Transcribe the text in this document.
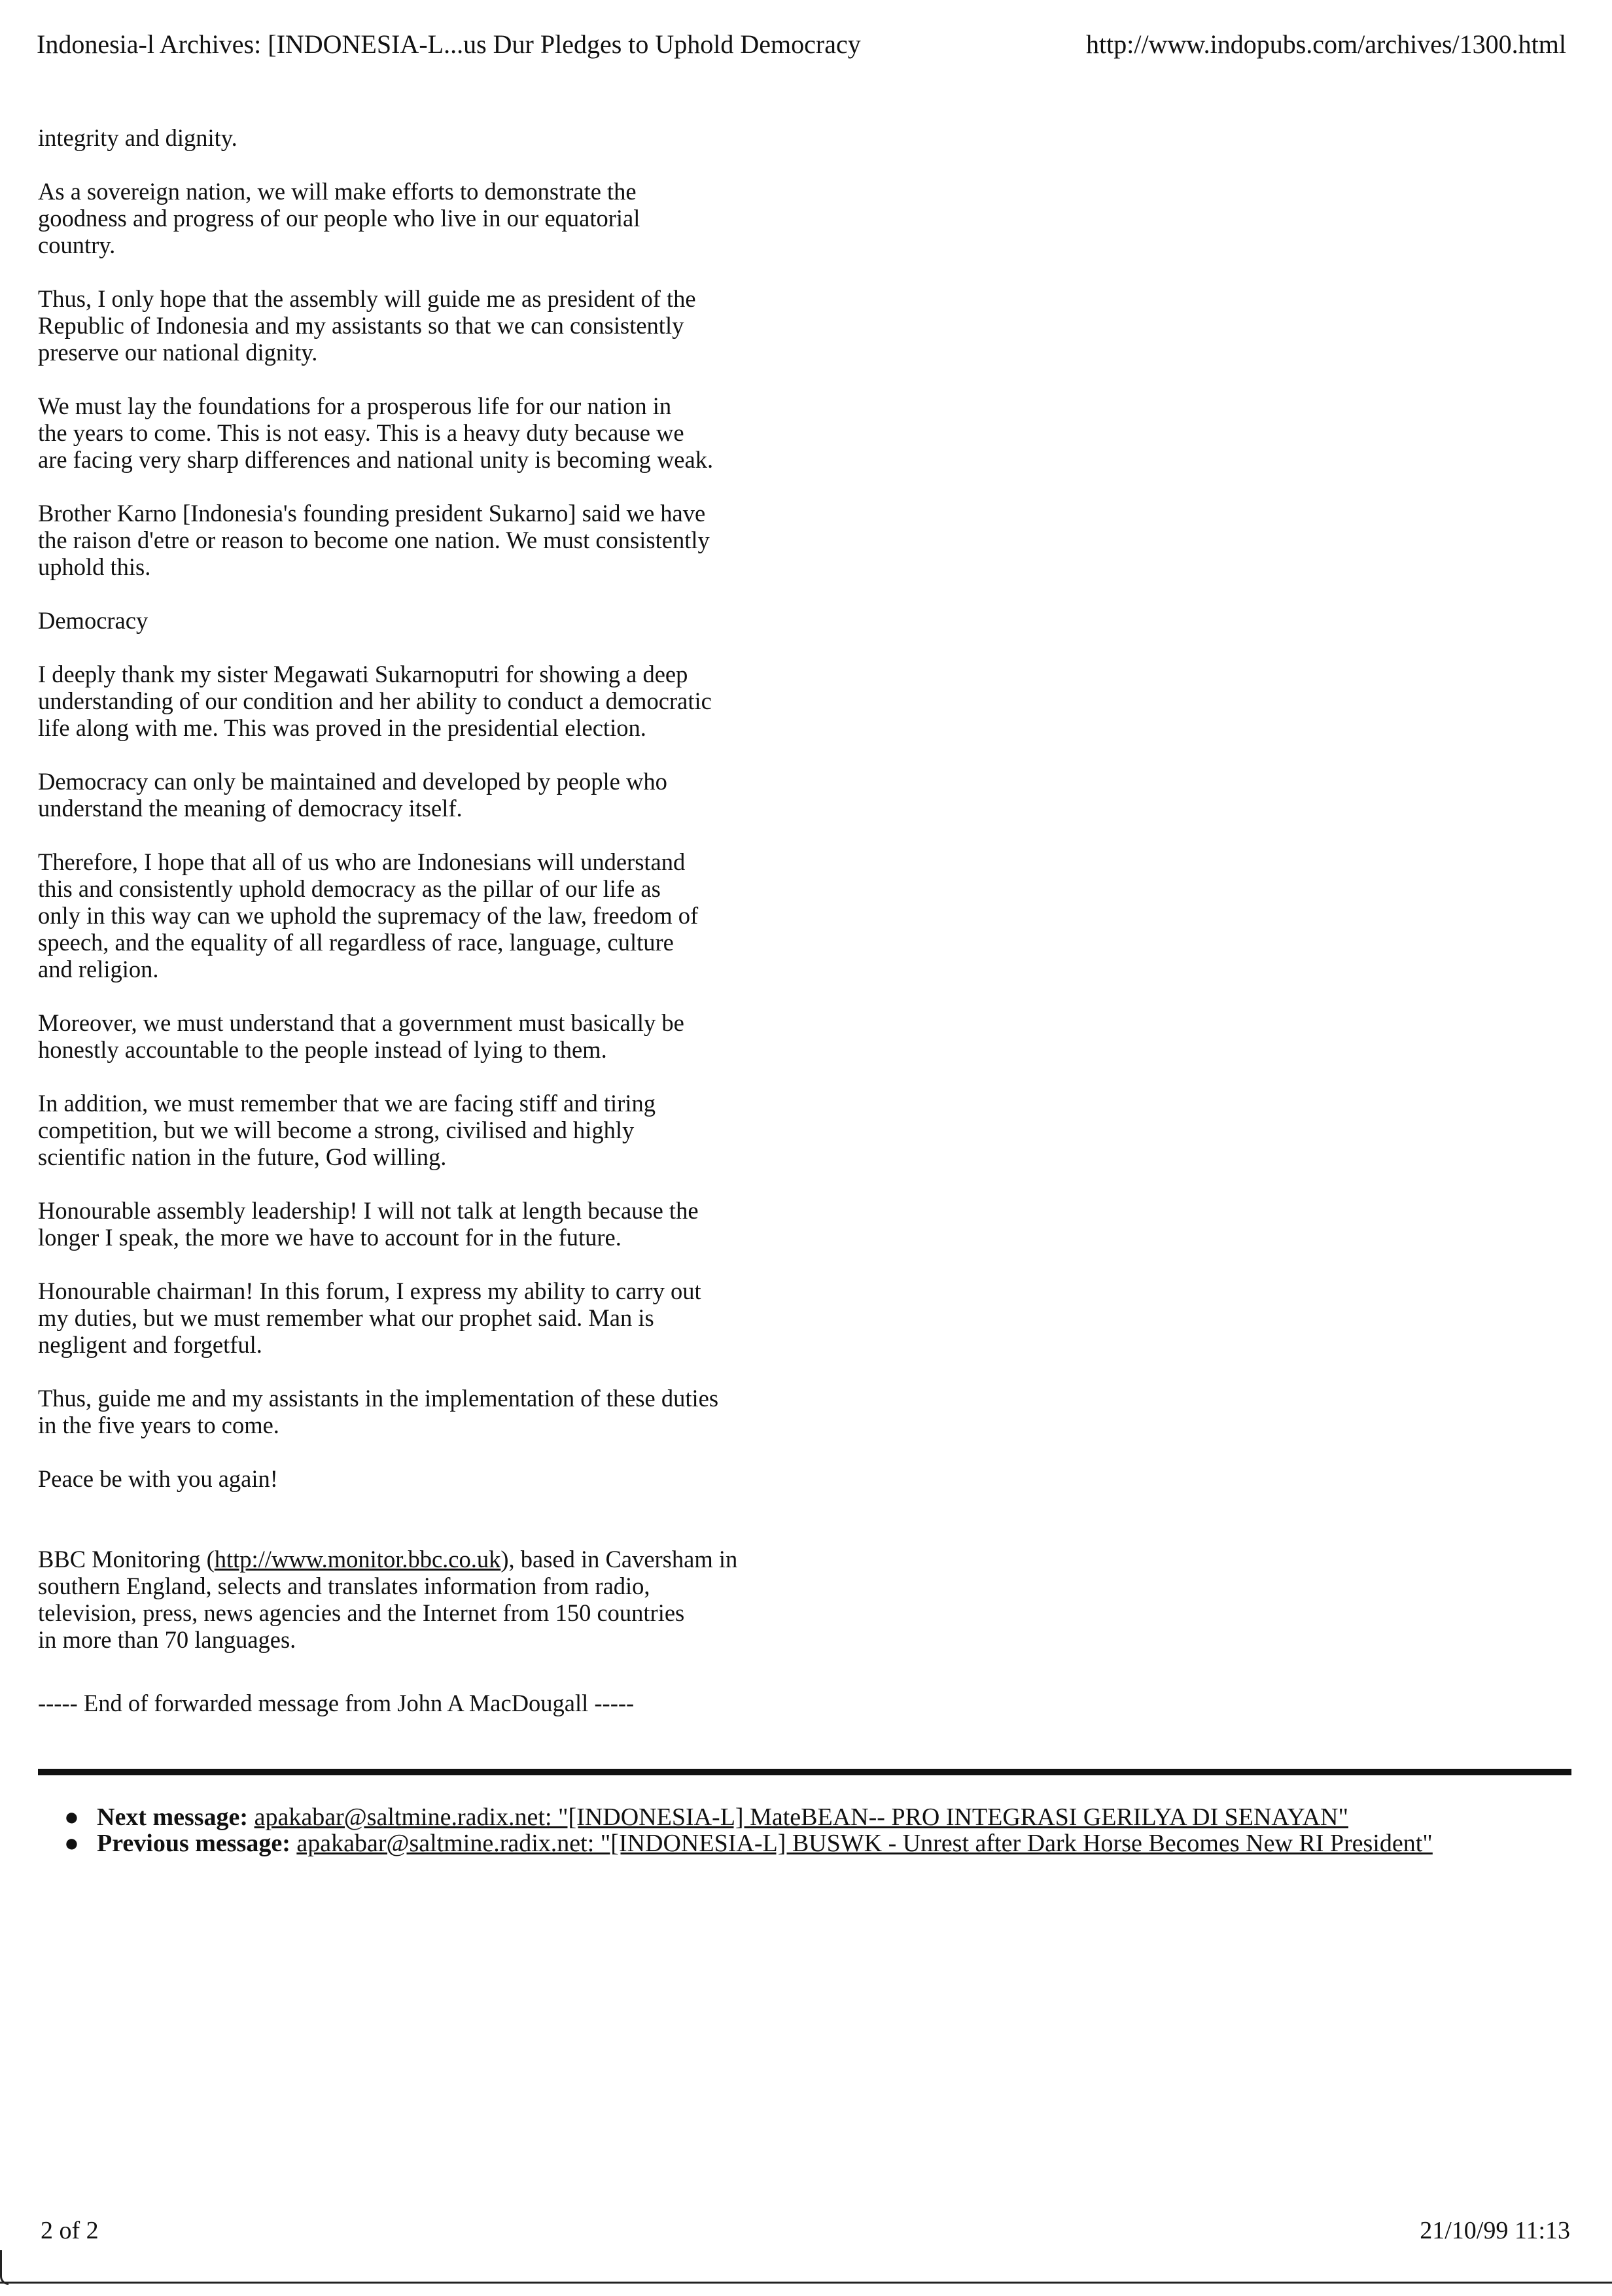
Indonesia-l Archives: [INDONESIA-L...us Dur Pledges to Uphold Democracy	http://www.indopubs.com/archives/1300.html

integrity and dignity.

As a sovereign nation, we will make efforts to demonstrate the
goodness and progress of our people who live in our equatorial
country.

Thus, I only hope that the assembly will guide me as president of the
Republic of Indonesia and my assistants so that we can consistently
preserve our national dignity.

We must lay the foundations for a prosperous life for our nation in
the years to come. This is not easy. This is a heavy duty because we
are facing very sharp differences and national unity is becoming weak.

Brother Karno [Indonesia's founding president Sukarno] said we have
the raison d'etre or reason to become one nation. We must consistently
uphold this.

Democracy

I deeply thank my sister Megawati Sukarnoputri for showing a deep
understanding of our condition and her ability to conduct a democratic
life along with me. This was proved in the presidential election.

Democracy can only be maintained and developed by people who
understand the meaning of democracy itself.

Therefore, I hope that all of us who are Indonesians will understand
this and consistently uphold democracy as the pillar of our life as
only in this way can we uphold the supremacy of the law, freedom of
speech, and the equality of all regardless of race, language, culture
and religion.

Moreover, we must understand that a government must basically be
honestly accountable to the people instead of lying to them.

In addition, we must remember that we are facing stiff and tiring
competition, but we will become a strong, civilised and highly
scientific nation in the future, God willing.

Honourable assembly leadership! I will not talk at length because the
longer I speak, the more we have to account for in the future.

Honourable chairman! In this forum, I express my ability to carry out
my duties, but we must remember what our prophet said. Man is
negligent and forgetful.

Thus, guide me and my assistants in the implementation of these duties
in the five years to come.

Peace be with you again!

BBC Monitoring (http://www.monitor.bbc.co.uk), based in Caversham in
southern England, selects and translates information from radio,
television, press, news agencies and the Internet from 150 countries
in more than 70 languages.

----- End of forwarded message from John A MacDougall -----

● Next message: apakabar@saltmine.radix.net: "[INDONESIA-L] MateBEAN-- PRO INTEGRASI GERILYA DI SENAYAN"
● Previous message: apakabar@saltmine.radix.net: "[INDONESIA-L] BUSWK - Unrest after Dark Horse Becomes New RI President"
2 of 2	21/10/99 11:13
